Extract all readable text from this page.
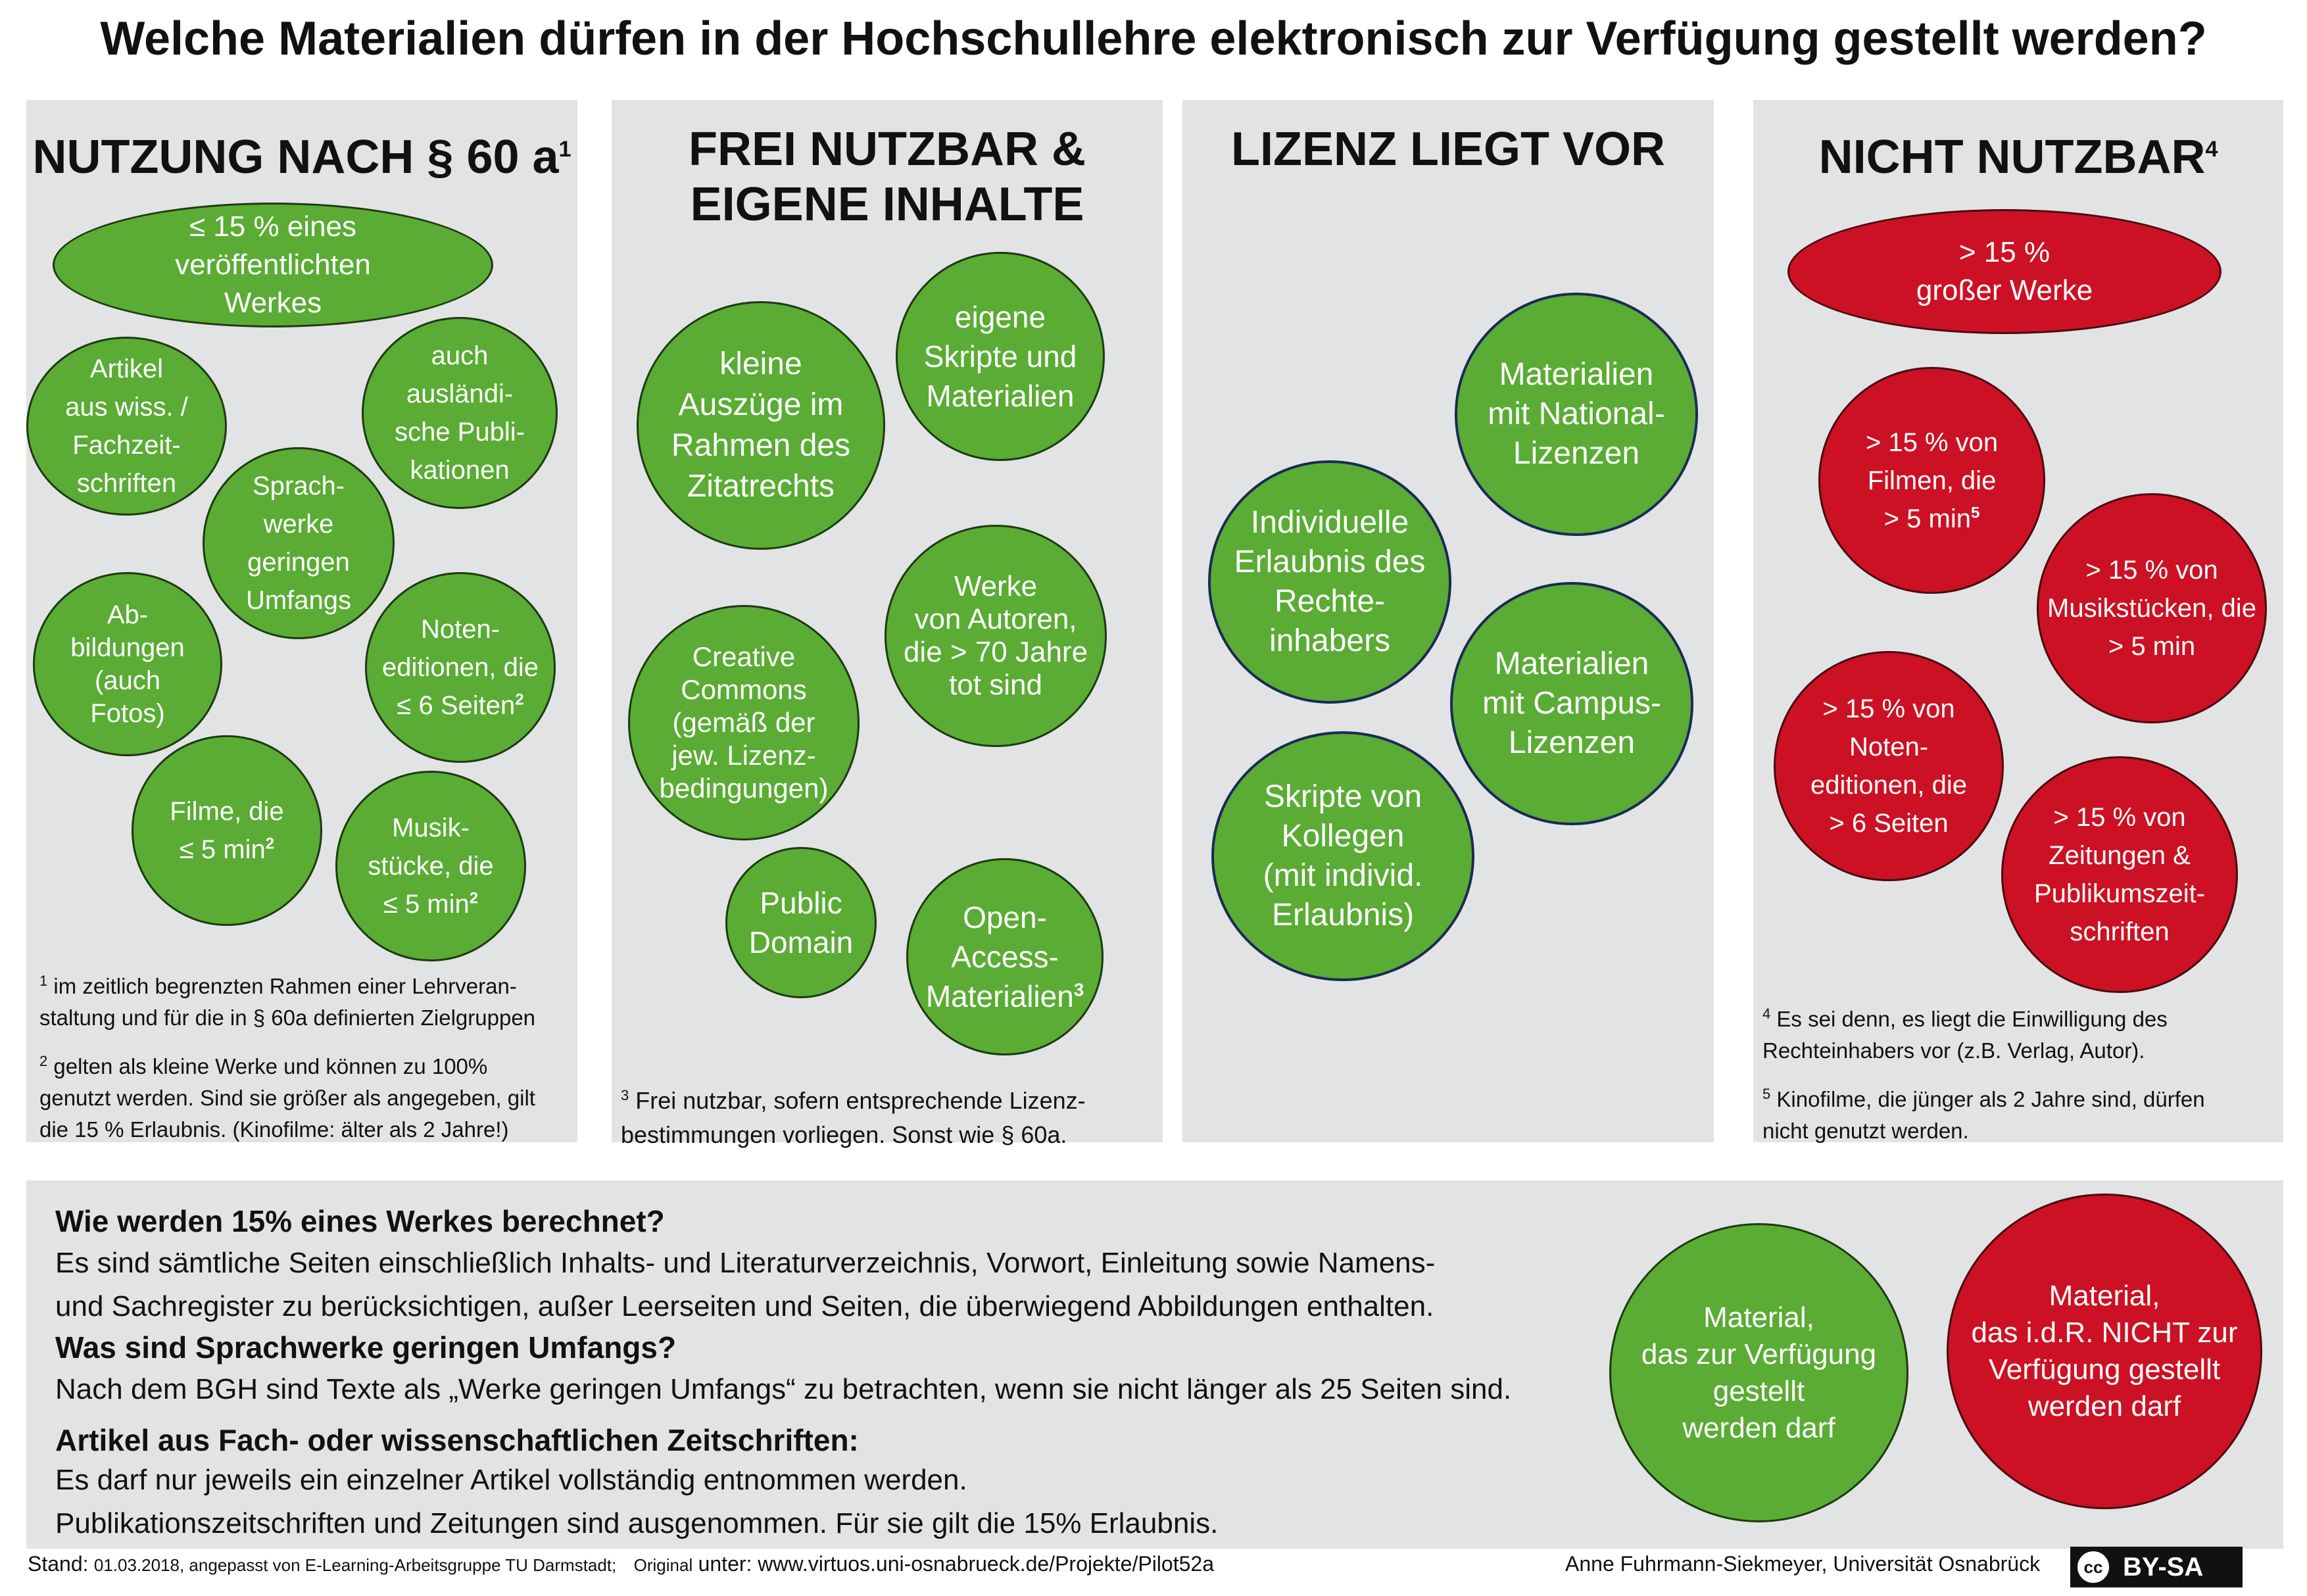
Welche Materialien dürfen in der Hochschullehre elektronisch zur Verfügung gestellt werden?
NUTZUNG NACH § 60 $a^1$
≤ 15 % eines
veröffentlichten
Werkes
Artikel
aus wiss. /
Fachzeit-
schriften
auch
ausländi-
sche Publi-
kationen
Sprach-
werke
geringen
Umfangs
Ab-
bildungen
(auch
Fotos)
Noten-
editionen, die
≤ 6 Seiten$^2$
Filme, die
≤ 5 $\min^2$
Musik-
stücke, die
≤ 5 $\min^2$
$^1$ im zeitlich begrenzten Rahmen einer Lehrveran-
staltung und für die in § 60a definierten Zielgruppen
$^2$ gelten als kleine Werke und können zu 100%
genutzt werden. Sind sie größer als angegeben, gilt
die 15 % Erlaubnis. (Kinofilme: älter als 2 Jahre!)
FREI NUTZBAR &
EIGENE INHALTE
kleine
Auszüge im
Rahmen des
Zitatrechts
eigene
Skripte und
Materialien
Werke
von Autoren,
die > 70 Jahre
tot sind
Creative
Commons
(gemäß der
jew. Lizenz-
bedingungen)
Public
Domain
Open-
Access-
Materialien$^3$
$^3$ Frei nutzbar, sofern entsprechende Lizenz-
bestimmungen vorliegen. Sonst wie § 60a.
LIZENZ LIEGT VOR
Materialien
mit National-
Lizenzen
Individuelle
Erlaubnis des
Rechte-
inhabers
Materialien
mit Campus-
Lizenzen
Skripte von
Kollegen
(mit individ.
Erlaubnis)
NICHT $NUTZBAR^4$
> 15 %
großer Werke
> 15 % von
Filmen, die
> 5 $\min^5$
> 15 % von
Musikstücken, die
> 5 min
> 15 % von
Noten-
editionen, die
> 6 Seiten	> 15 % von
Zeitungen &
Publikumszeit-
schriften
$^4$ Es sei denn, es liegt die Einwilligung des
Rechteinhabers vor (z.B. Verlag, Autor).
$^5$ Kinofilme, die jünger als 2 Jahre sind, dürfen
nicht genutzt werden.
Wie werden 15% eines Werkes berechnet?
Es sind sämtliche Seiten einschließlich Inhalts- und Literaturverzeichnis, Vorwort, Einleitung sowie Namens-
und Sachregister zu berücksichtigen, außer Leerseiten und Seiten, die überwiegend Abbildungen enthalten.
Was sind Sprachwerke geringen Umfangs?
Nach dem BGH sind Texte als „Werke geringen Umfangs“ zu betrachten, wenn sie nicht länger als 25 Seiten sind.
Artikel aus Fach- oder wissenschaftlichen Zeitschriften:
Es darf nur jeweils ein einzelner Artikel vollständig entnommen werden.
Publikationszeitschriften und Zeitungen sind ausgenommen. Für sie gilt die 15% Erlaubnis.
Material,
das zur Verfügung
gestellt
werden darf
Material,
das i.d.R. NICHT zur
Verfügung gestellt
werden darf
Stand: 01.03.2018, angepasst von E-Learning-Arbeitsgruppe TU Darmstadt; Original unter: www.virtuos.uni-osnabrueck.de/Projekte/Pilot52a	Anne Fuhrmann-Siekmeyer, Universität Osnabrück	cc BY-SA
